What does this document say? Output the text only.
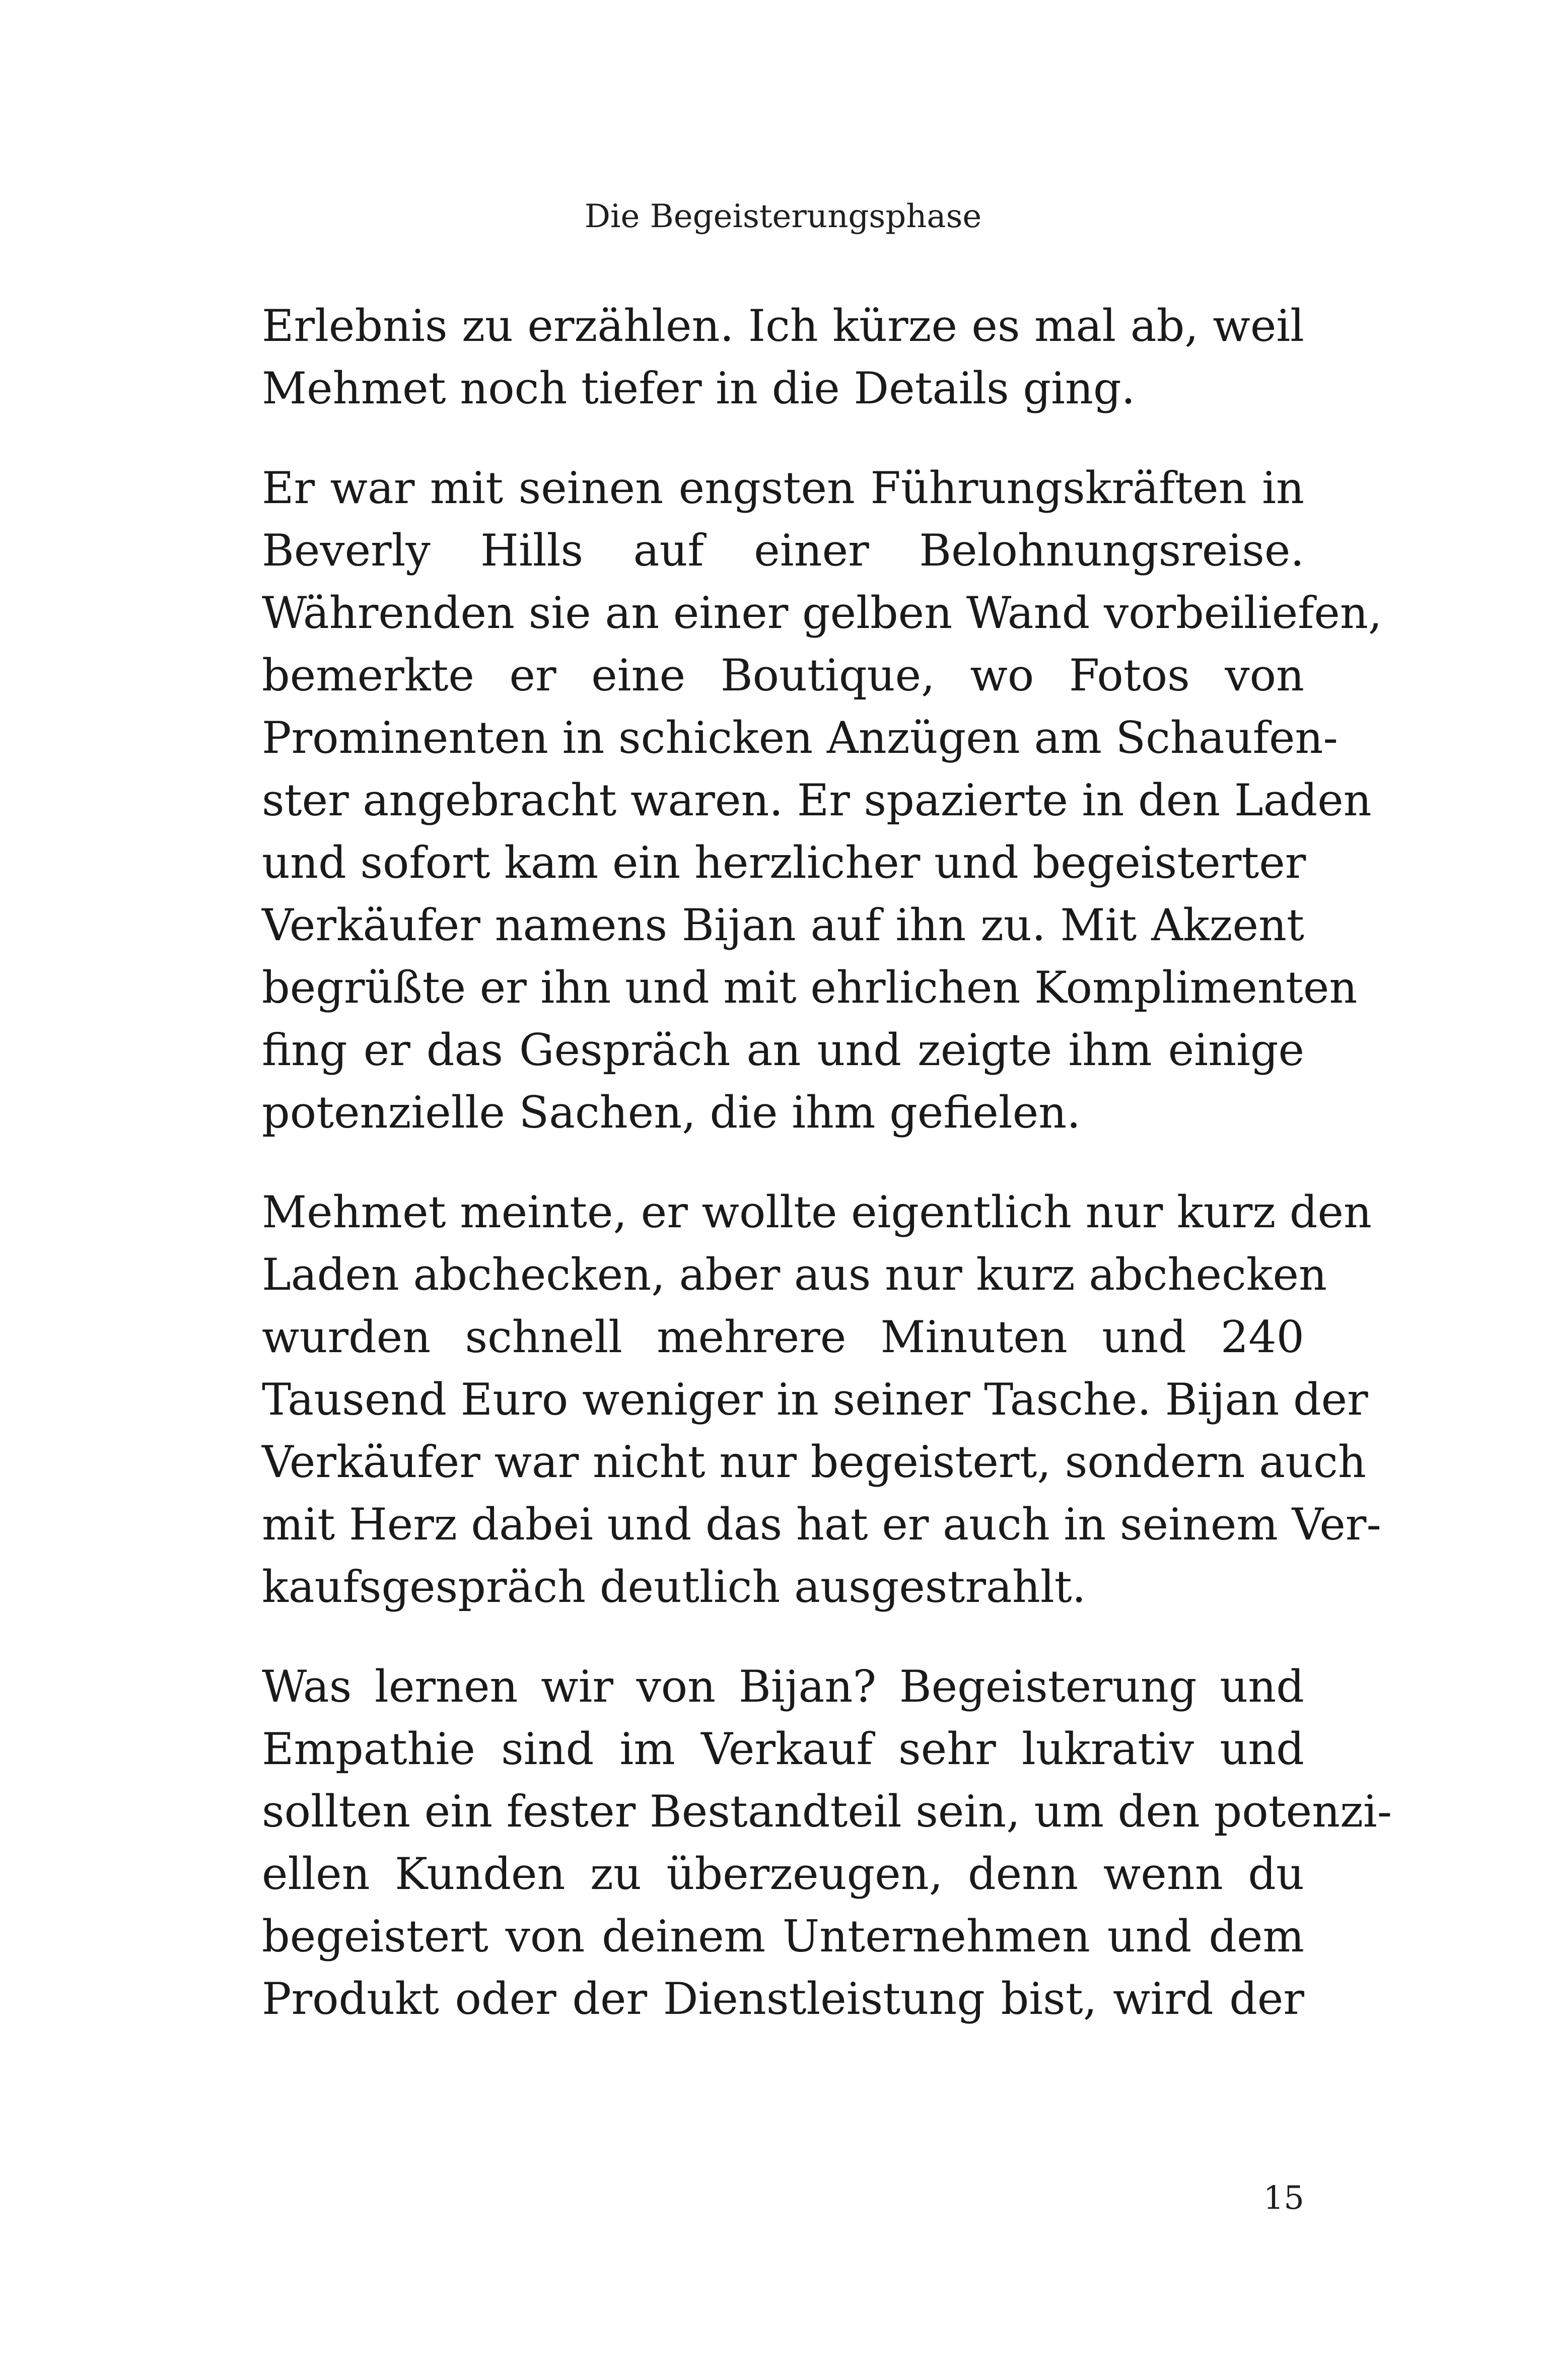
Die Begeisterungsphase

Erlebnis zu erzählen. Ich kürze es mal ab, weil
Mehmet noch tiefer in die Details ging.

Er war mit seinen engsten Führungskräften in
Beverly Hills auf einer Belohnungsreise.
Währenden sie an einer gelben Wand vorbeiliefen,
bemerkte er eine Boutique, wo Fotos von
Prominenten in schicken Anzügen am Schaufen-
ster angebracht waren. Er spazierte in den Laden
und sofort kam ein herzlicher und begeisterter
Verkäufer namens Bijan auf ihn zu. Mit Akzent
begrüßte er ihn und mit ehrlichen Komplimenten
fing er das Gespräch an und zeigte ihm einige
potenzielle Sachen, die ihm gefielen.

Mehmet meinte, er wollte eigentlich nur kurz den
Laden abchecken, aber aus nur kurz abchecken
wurden schnell mehrere Minuten und 240
Tausend Euro weniger in seiner Tasche. Bijan der
Verkäufer war nicht nur begeistert, sondern auch
mit Herz dabei und das hat er auch in seinem Ver-
kaufsgespräch deutlich ausgestrahlt.

Was lernen wir von Bijan? Begeisterung und
Empathie sind im Verkauf sehr lukrativ und
sollten ein fester Bestandteil sein, um den potenzi-
ellen Kunden zu überzeugen, denn wenn du
begeistert von deinem Unternehmen und dem
Produkt oder der Dienstleistung bist, wird der

15
